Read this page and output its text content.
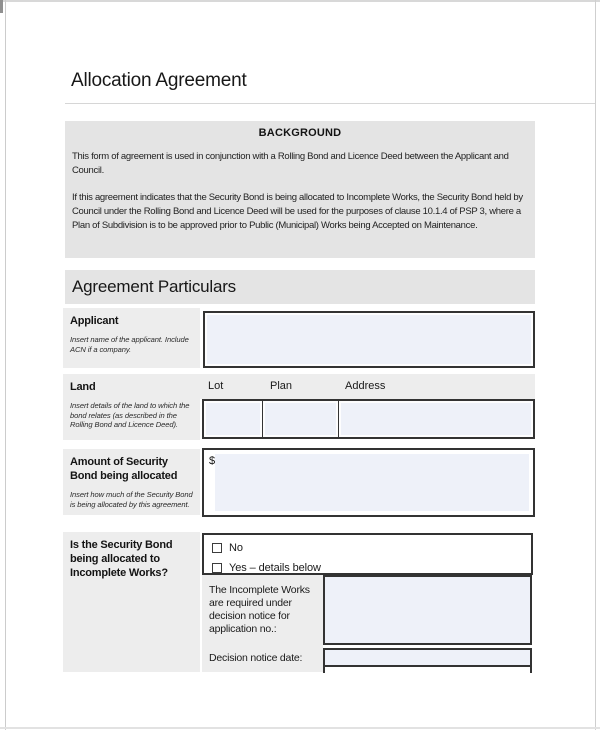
Allocation Agreement
BACKGROUND

This form of agreement is used in conjunction with a Rolling Bond and Licence Deed between the Applicant and Council.

If this agreement indicates that the Security Bond is being allocated to Incomplete Works, the Security Bond held by Council under the Rolling Bond and Licence Deed will be used for the purposes of clause 10.1.4 of PSP 3, where a Plan of Subdivision is to be approved prior to Public (Municipal) Works being Accepted on Maintenance.

Agreement Particulars
Applicant
Insert name of the applicant. Include ACN if a company.
Land
Insert details of the land to which the bond relates (as described in the Rolling Bond and Licence Deed).
Lot	Plan	Address
Amount of Security Bond being allocated
Insert how much of the Security Bond is being allocated by this agreement.
$
Is the Security Bond being allocated to Incomplete Works?
No
Yes – details below
The Incomplete Works are required under decision notice for application no.:
Decision notice date:
